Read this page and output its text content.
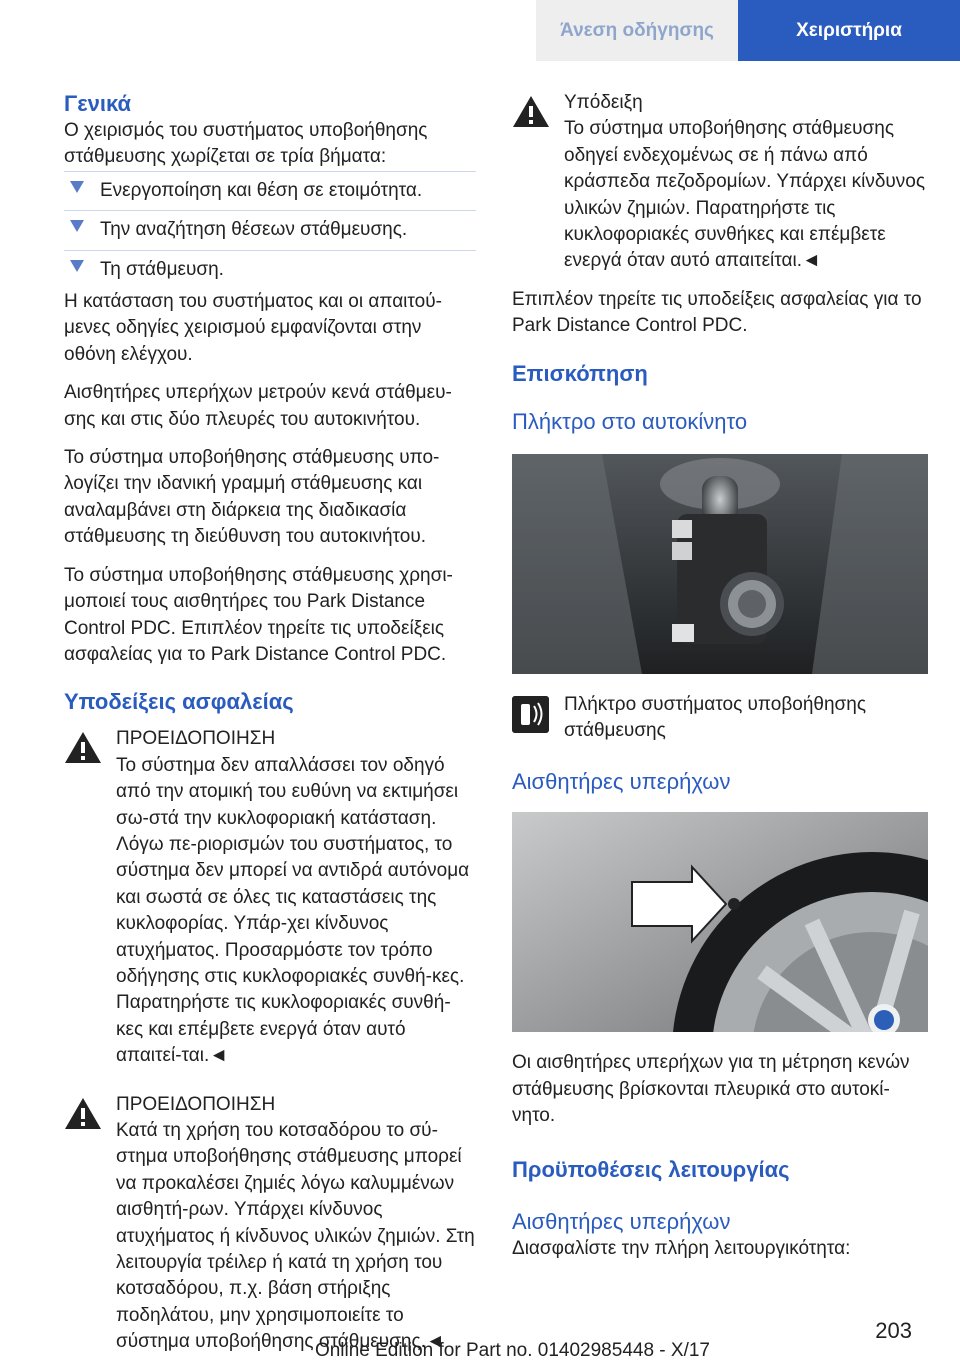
Άνεση οδήγησης	Χειριστήρια
Γενικά

Ο χειρισμός του συστήματος υποβοήθησης στάθμευσης χωρίζεται σε τρία βήματα:

Ενεργοποίηση και θέση σε ετοιμότητα.
Την αναζήτηση θέσεων στάθμευσης.
Τη στάθμευση.

Η κατάσταση του συστήματος και οι απαιτού‐μενες οδηγίες χειρισμού εμφανίζονται στην οθόνη ελέγχου.

Αισθητήρες υπερήχων μετρούν κενά στάθμευ‐σης και στις δύο πλευρές του αυτοκινήτου.

Το σύστημα υποβοήθησης στάθμευσης υπο‐λογίζει την ιδανική γραμμή στάθμευσης και αναλαμβάνει στη διάρκεια της διαδικασία στάθμευσης τη διεύθυνση του αυτοκινήτου.

Το σύστημα υποβοήθησης στάθμευσης χρησι‐μοποιεί τους αισθητήρες του Park Distance Control PDC. Επιπλέον τηρείτε τις υποδείξεις ασφαλείας για το Park Distance Control PDC.

Υποδείξεις ασφαλείας
ΠΡΟΕΙΔΟΠΟΙΗΣΗ
Το σύστημα δεν απαλλάσσει τον οδηγό από την ατομική του ευθύνη να εκτιμήσει σω‐στά την κυκλοφοριακή κατάσταση. Λόγω πε‐ριορισμών του συστήματος, το σύστημα δεν μπορεί να αντιδρά αυτόνομα και σωστά σε όλες τις καταστάσεις της κυκλοφορίας. Υπάρ‐χει κίνδυνος ατυχήματος. Προσαρμόστε τον τρόπο οδήγησης στις κυκλοφοριακές συνθή‐κες. Παρατηρήστε τις κυκλοφοριακές συνθή‐κες και επέμβετε ενεργά όταν αυτό απαιτεί‐ται.◄
ΠΡΟΕΙΔΟΠΟΙΗΣΗ
Κατά τη χρήση του κοτσαδόρου το σύ‐στημα υποβοήθησης στάθμευσης μπορεί να προκαλέσει ζημιές λόγω καλυμμένων αισθητή‐ρων. Υπάρχει κίνδυνος ατυχήματος ή κίνδυνος υλικών ζημιών. Στη λειτουργία τρέιλερ ή κατά τη χρήση του κοτσαδόρου, π.χ. βάση στήριξης ποδηλάτου, μην χρησιμοποιείτε το σύστημα υποβοήθησης στάθμευσης.◄
Υπόδειξη
Το σύστημα υποβοήθησης στάθμευσης οδηγεί ενδεχομένως σε ή πάνω από κράσπεδα πεζοδρομίων. Υπάρχει κίνδυνος υλικών ζημιών. Παρατηρήστε τις κυκλοφοριακές συνθήκες και επέμβετε ενεργά όταν αυτό απαιτείται.◄

Επιπλέον τηρείτε τις υποδείξεις ασφαλείας για το Park Distance Control PDC.

Επισκόπηση
Πλήκτρο στο αυτοκίνητο
Πλήκτρο συστήματος υποβοήθησης στάθμευσης
Αισθητήρες υπερήχων

Οι αισθητήρες υπερήχων για τη μέτρηση κενών στάθμευσης βρίσκονται πλευρικά στο αυτοκί‐νητο.

Προϋποθέσεις λειτουργίας
Αισθητήρες υπερήχων

Διασφαλίστε την πλήρη λειτουργικότητα:

203
Online Edition for Part no. 01402985448 - X/17
